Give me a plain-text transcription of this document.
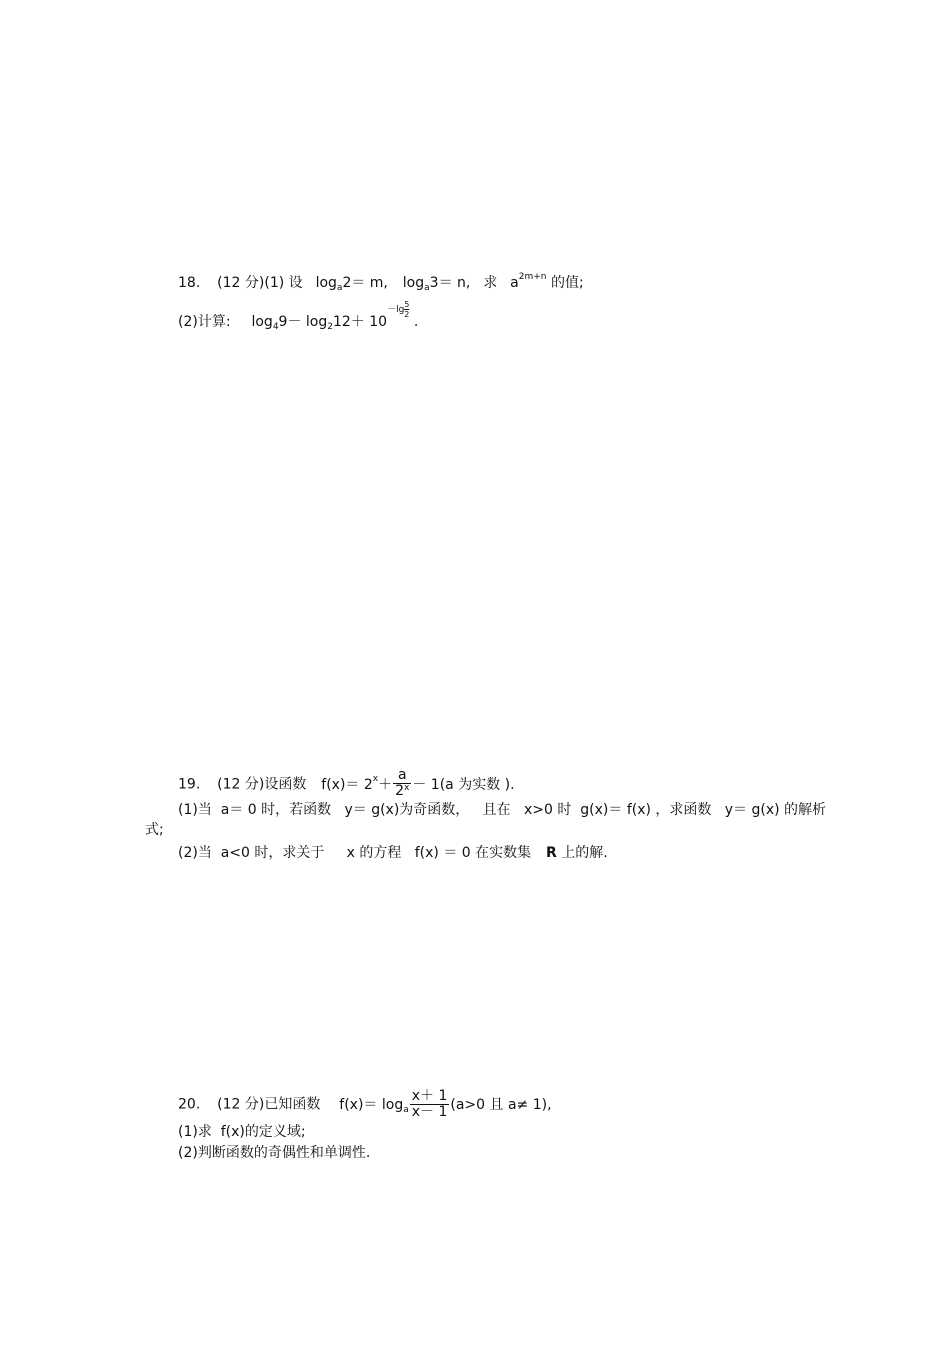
18. (12 分)(1) 设 $\log_a2= m$, $\log_a3= n$, 求 $a^{2m+n}$ 的值;
(2)计算: $\log_49- \log_212+ 10-\lg \frac{5}{2}$
.
19. (12 分)设函数 $f(x)= 2^x+ \frac{a}{2^x} - 1(a$ 为实数 ).
(1)当  a＝ 0 时，若函数   y＝ g(x)为奇函数，   且在   x>0 时  g(x)＝ f(x) ，求函数   y＝ g(x) 的解析
式;
(2)当  a<0 时，求关于     x 的方程   f(x) ＝ 0 在实数集 R 上的解.
20. (12 分)已知函数 $f(x)= \log_a \frac{x+ 1}{x- 1} (a>0$ 且 a≠ 1),
(1)求  f(x)的定义域;
(2)判断函数的奇偶性和单调性.
